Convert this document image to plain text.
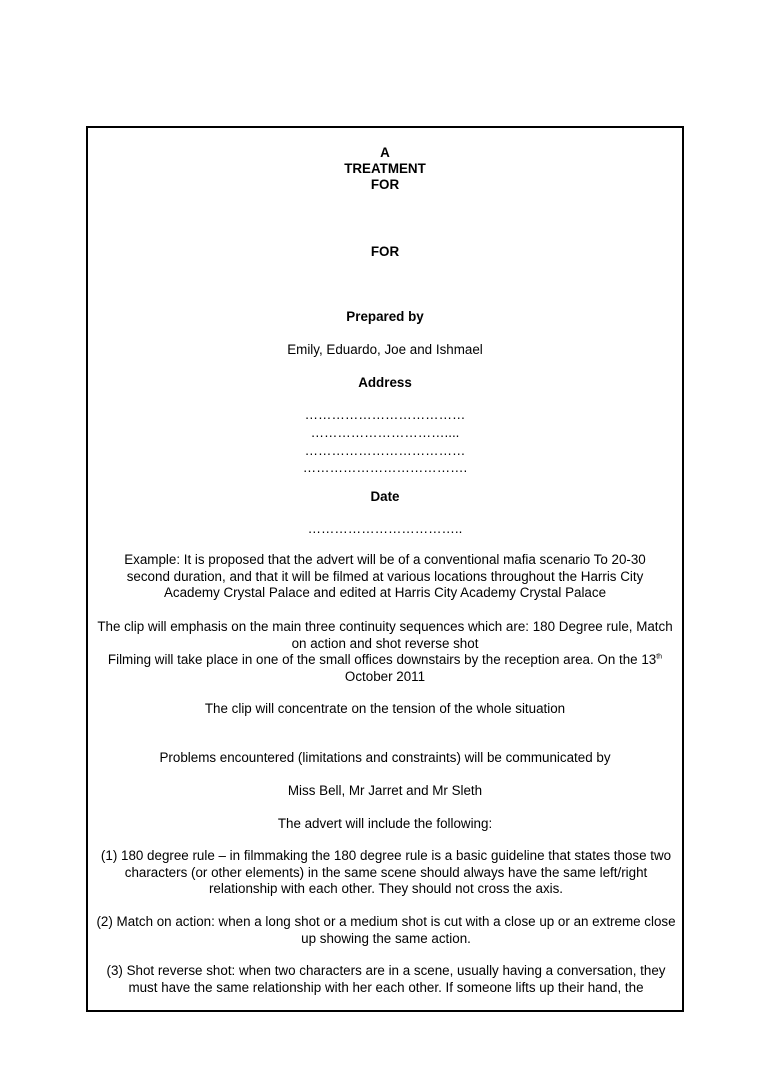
A
TREATMENT
FOR
FOR
Prepared by
Emily, Eduardo, Joe and Ishmael
Address
………………………………
…………………………....
………………………………
……………………………….
Date
……………………………..
Example: It is proposed that the advert will be of a conventional mafia scenario To 20-30 second duration, and that it will be filmed at various locations throughout the Harris City Academy Crystal Palace and edited at Harris City Academy Crystal Palace
The clip will emphasis on the main three continuity sequences which are: 180 Degree rule, Match on action and shot reverse shot
Filming will take place in one of the small offices downstairs by the reception area. On the 13th October 2011
The clip will concentrate on the tension of the whole situation
Problems encountered (limitations and constraints) will be communicated by
Miss Bell, Mr Jarret and Mr Sleth
The advert will include the following:
(1) 180 degree rule – in filmmaking the 180 degree rule is a basic guideline that states those two characters (or other elements) in the same scene should always have the same left/right relationship with each other. They should not cross the axis.
(2) Match on action: when a long shot or a medium shot is cut with a close up or an extreme close up showing the same action.
(3) Shot reverse shot: when two characters are in a scene, usually having a conversation, they must have the same relationship with her each other. If someone lifts up their hand, the
